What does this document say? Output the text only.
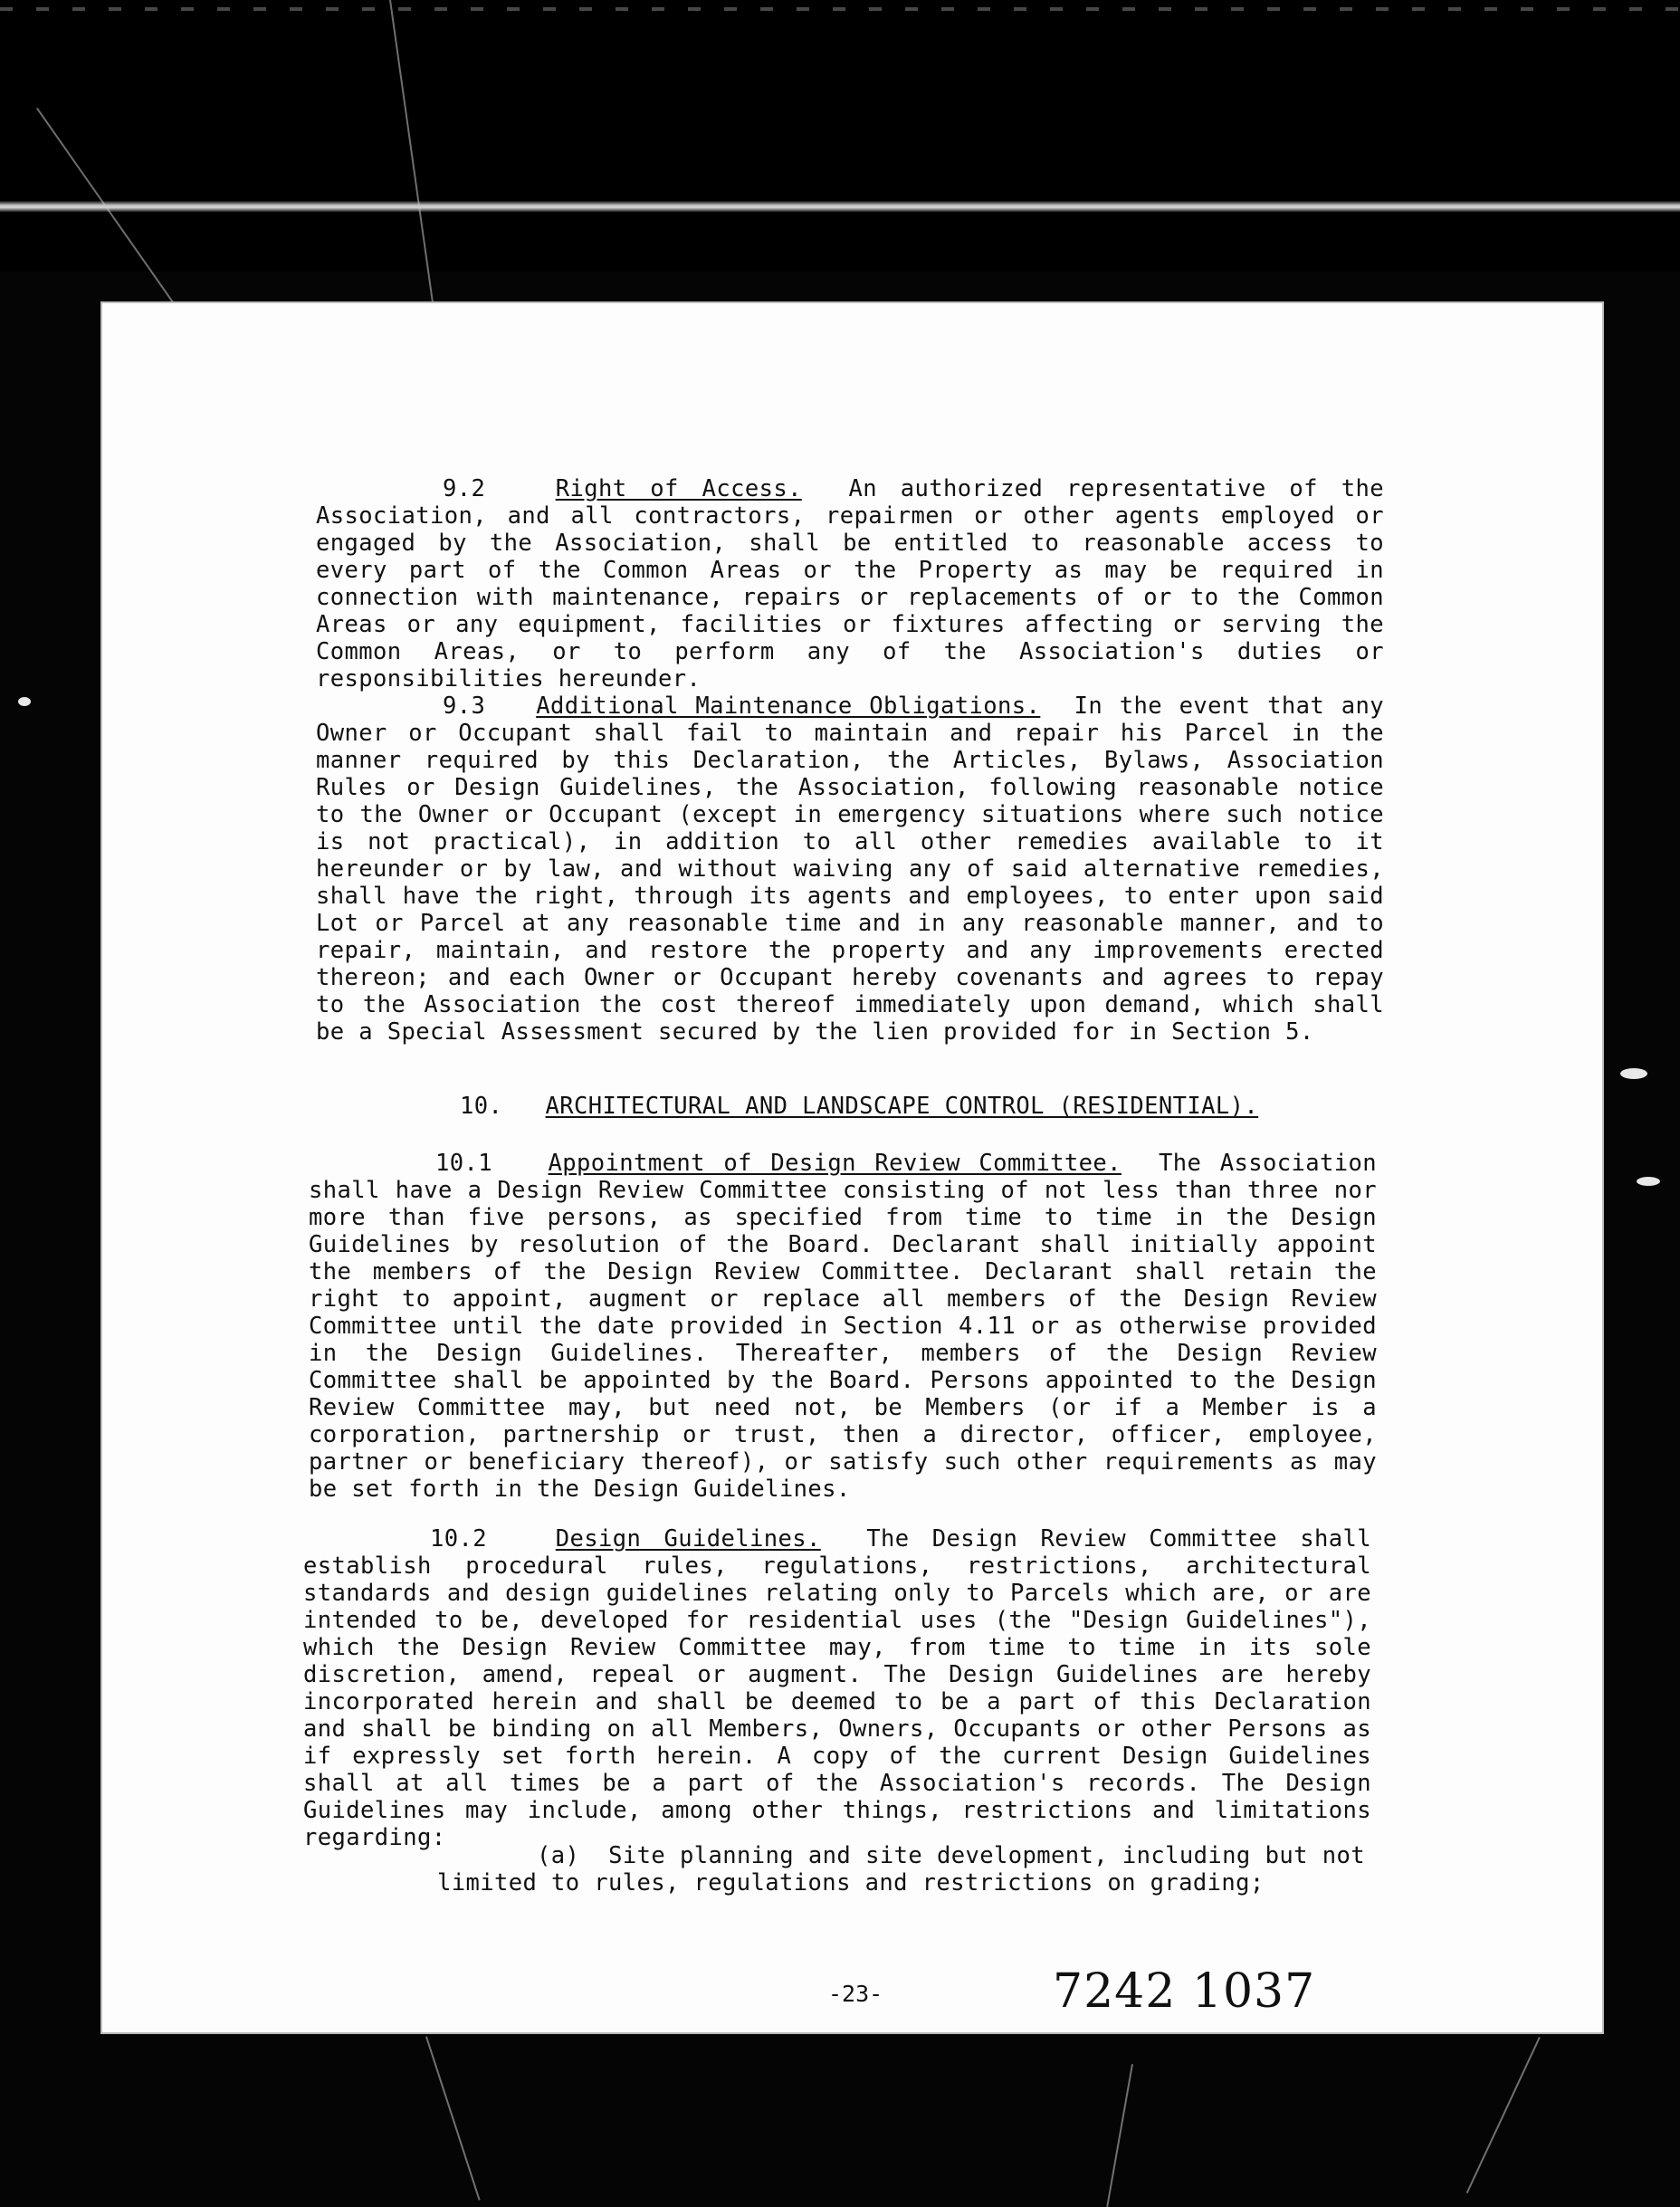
9.2	Right of Access. An authorized representative of the Association, and all contractors, repairmen or other agents employed or engaged by the Association, shall be entitled to reasonable access to every part of the Common Areas or the Property as may be required in connection with maintenance, repairs or replacements of or to the Common Areas or any equipment, facilities or fixtures affecting or serving the Common Areas, or to perform any of the Association's duties or responsibilities hereunder.

9.3 Additional Maintenance Obligations. In the event that any Owner or Occupant shall fail to maintain and repair his Parcel in the manner required by this Declaration, the Articles, Bylaws, Association Rules or Design Guidelines, the Association, following reasonable notice to the Owner or Occupant (except in emergency situations where such notice is not practical), in addition to all other remedies available to it hereunder or by law, and without waiving any of said alternative remedies, shall have the right, through its agents and employees, to enter upon said Lot or Parcel at any reasonable time and in any reasonable manner, and to repair, maintain, and restore the property and any improvements erected thereon; and each Owner or Occupant hereby covenants and agrees to repay to the Association the cost thereof immediately upon demand, which shall be a Special Assessment secured by the lien provided for in Section 5.

10. ARCHITECTURAL AND LANDSCAPE CONTROL (RESIDENTIAL).

10.1 Appointment of Design Review Committee. The Association shall have a Design Review Committee consisting of not less than three nor more than five persons, as specified from time to time in the Design Guidelines by resolution of the Board. Declarant shall initially appoint the members of the Design Review Committee. Declarant shall retain the right to appoint, augment or replace all members of the Design Review Committee until the date provided in Section 4.11 or as otherwise provided in the Design Guidelines. Thereafter, members of the Design Review Committee shall be appointed by the Board. Persons appointed to the Design Review Committee may, but need not, be Members (or if a Member is a corporation, partnership or trust, then a director, officer, employee, partner or beneficiary thereof), or satisfy such other requirements as may be set forth in the Design Guidelines.

10.2	Design Guidelines. The Design Review Committee shall establish procedural rules, regulations, restrictions, architectural standards and design guidelines relating only to Parcels which are, or are intended to be, developed for residential uses (the "Design Guidelines"), which the Design Review Committee may, from time to time in its sole discretion, amend, repeal or augment. The Design Guidelines are hereby incorporated herein and shall be deemed to be a part of this Declaration and shall be binding on all Members, Owners, Occupants or other Persons as if expressly set forth herein. A copy of the current Design Guidelines shall at all times be a part of the Association's records. The Design Guidelines may include, among other things, restrictions and limitations regarding:

(a) Site planning and site development, including but not limited to rules, regulations and restrictions on grading;
-23-	7242 1037
